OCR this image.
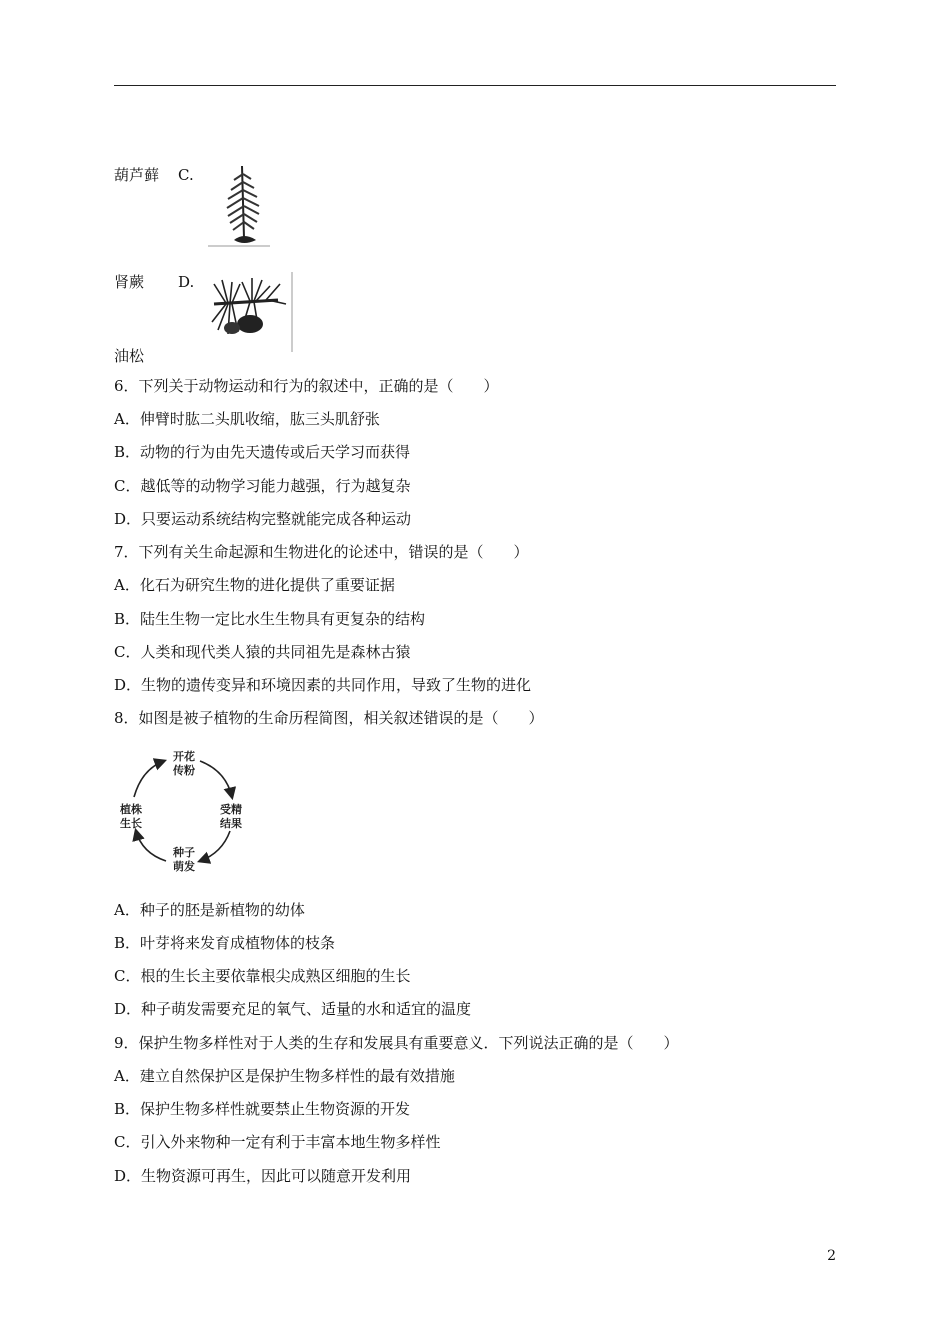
葫芦藓 C.
肾蕨 D.
油松
6．下列关于动物运动和行为的叙述中，正确的是（　　）
A．伸臂时肱二头肌收缩，肱三头肌舒张
B．动物的行为由先天遗传或后天学习而获得
C．越低等的动物学习能力越强，行为越复杂
D．只要运动系统结构完整就能完成各种运动
7．下列有关生命起源和生物进化的论述中，错误的是（　　）
A．化石为研究生物的进化提供了重要证据
B．陆生生物一定比水生生物具有更复杂的结构
C．人类和现代类人猿的共同祖先是森林古猿
D．生物的遗传变异和环境因素的共同作用，导致了生物的进化
8．如图是被子植物的生命历程简图，相关叙述错误的是（　　）
开花
传粉
受精
结果
种子
萌发
植株
生长
A．种子的胚是新植物的幼体
B．叶芽将来发育成植物体的枝条
C．根的生长主要依靠根尖成熟区细胞的生长
D．种子萌发需要充足的氧气、适量的水和适宜的温度
9．保护生物多样性对于人类的生存和发展具有重要意义．下列说法正确的是（　　）
A．建立自然保护区是保护生物多样性的最有效措施
B．保护生物多样性就要禁止生物资源的开发
C．引入外来物种一定有利于丰富本地生物多样性
D．生物资源可再生，因此可以随意开发利用
2
